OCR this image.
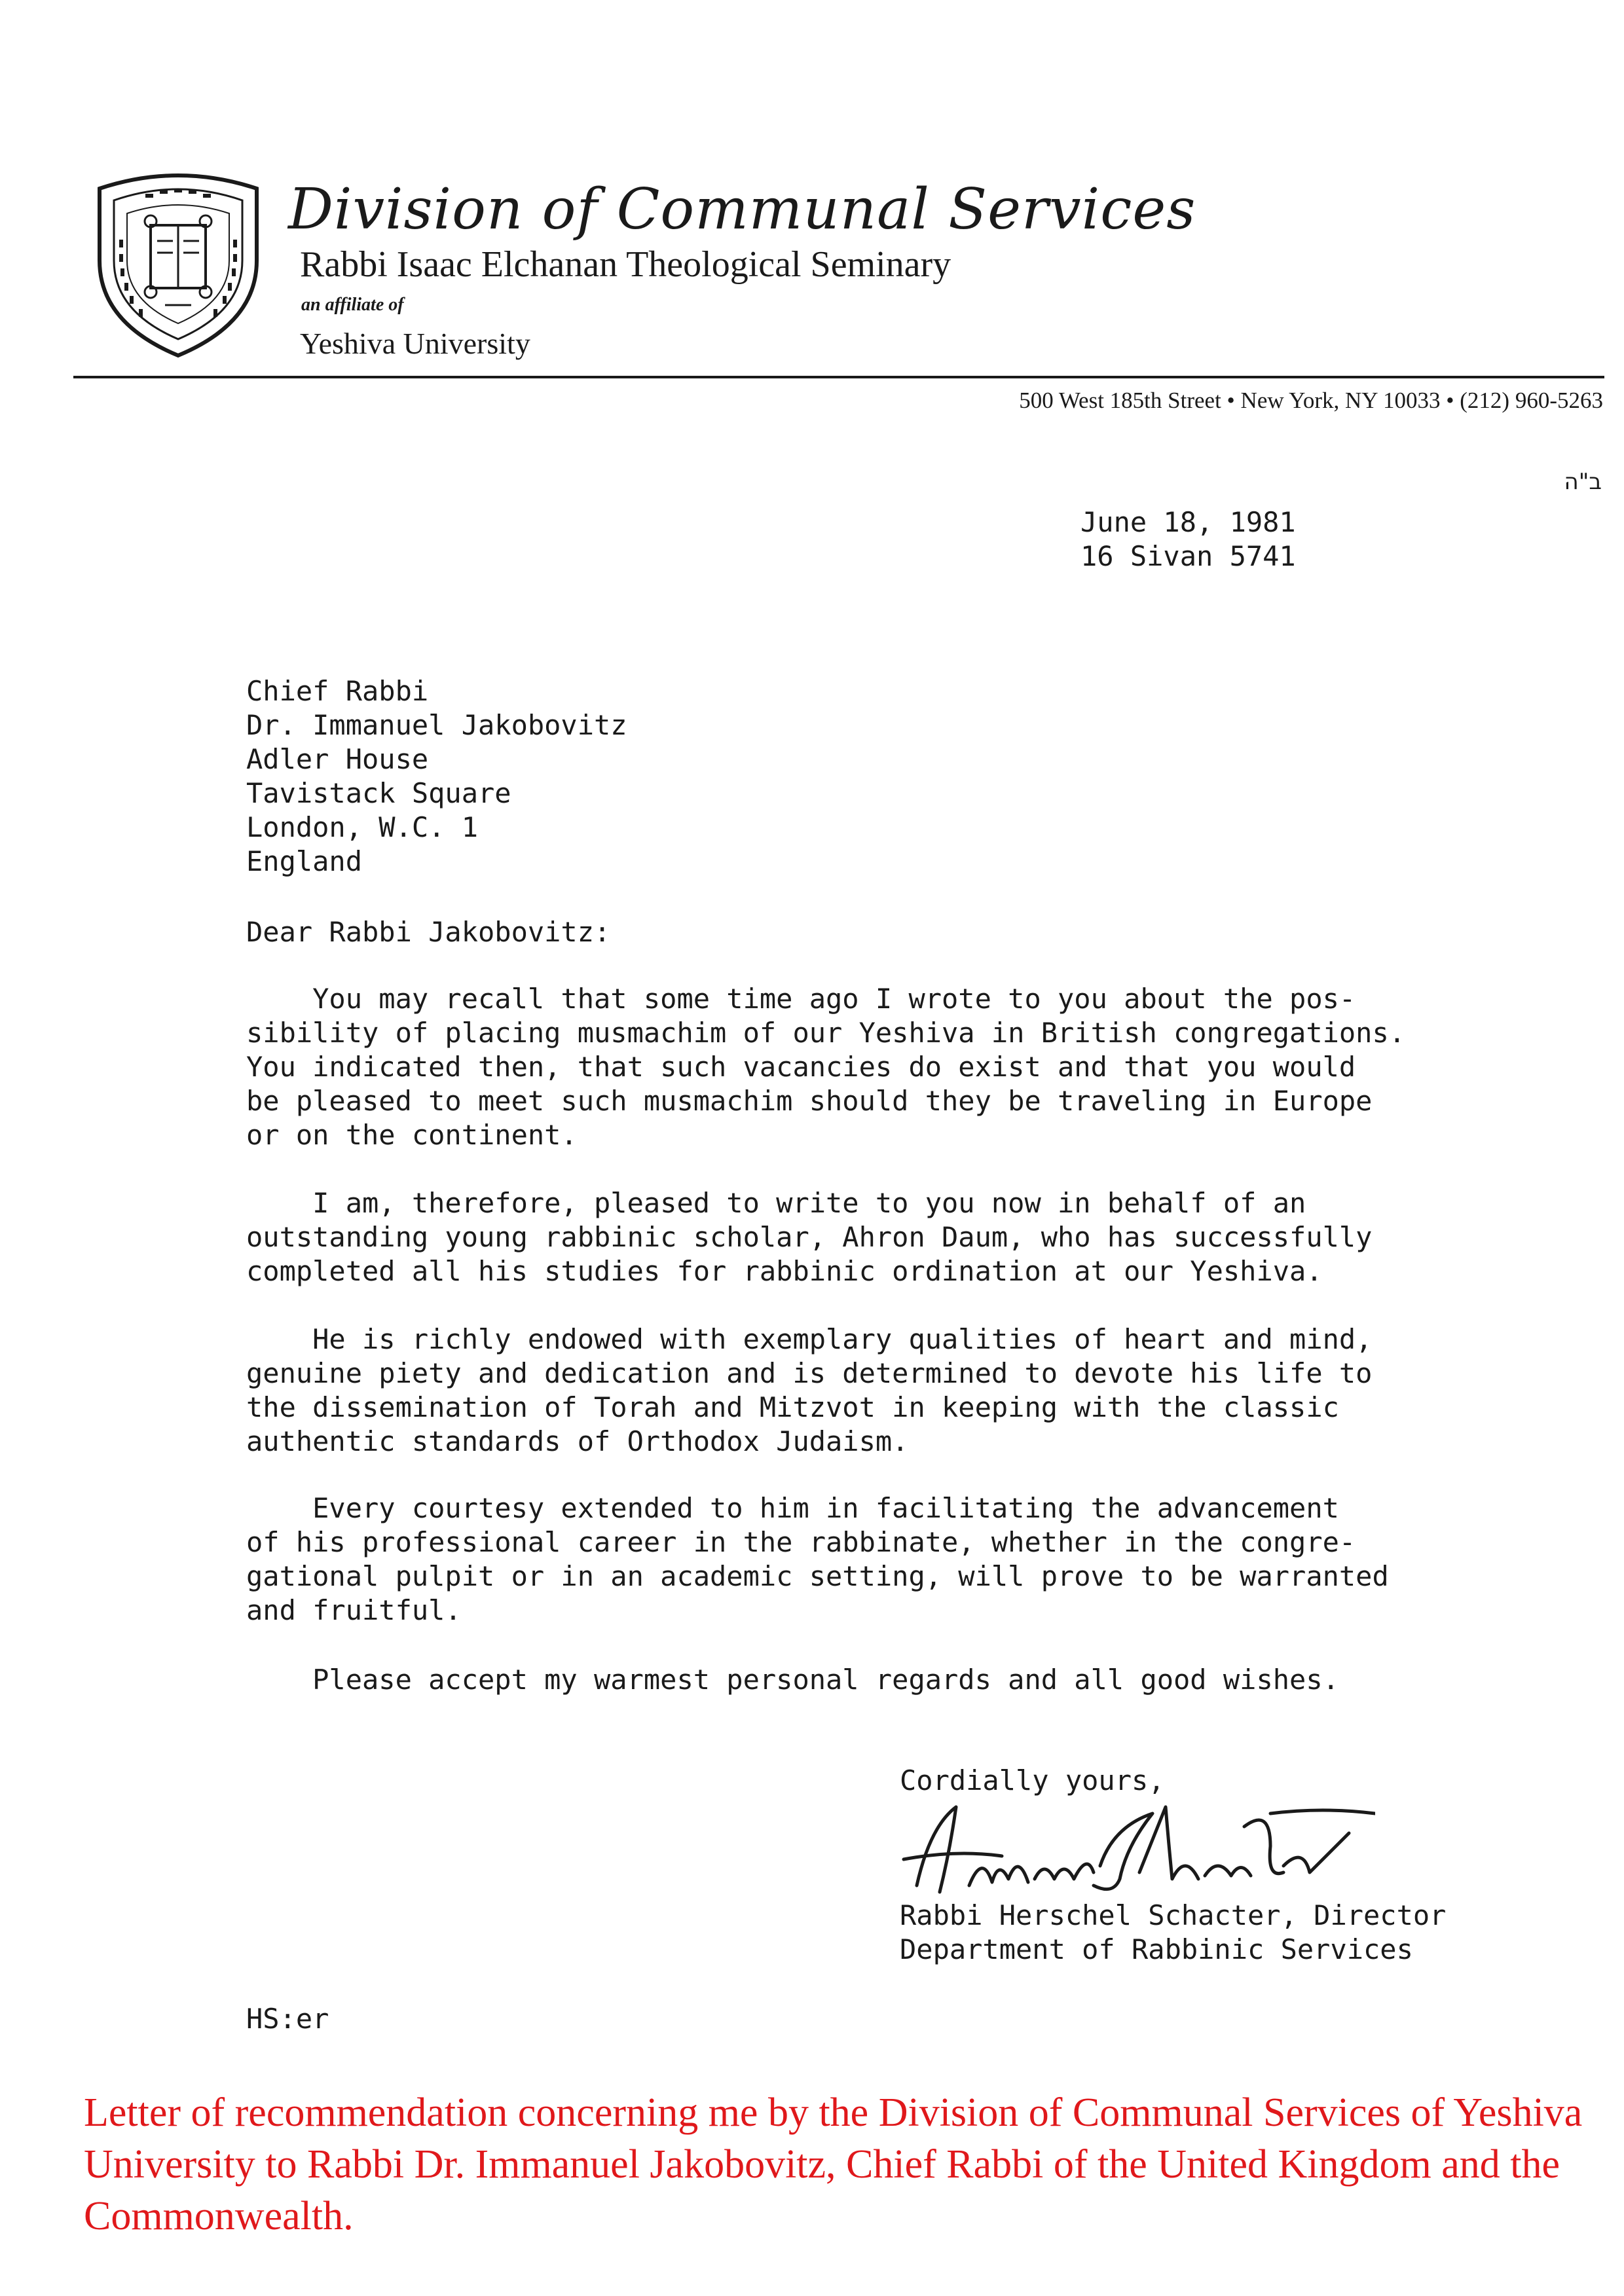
Division of Communal Services
Rabbi Isaac Elchanan Theological Seminary
an affiliate of
Yeshiva University
500 West 185th Street • New York, NY 10033 • (212) 960-5263
ב"ה
June 18, 1981
16 Sivan 5741
Chief Rabbi
Dr. Immanuel Jakobovitz
Adler House
Tavistack Square
London, W.C. 1
England
Dear Rabbi Jakobovitz:
You may recall that some time ago I wrote to you about the pos-
sibility of placing musmachim of our Yeshiva in British congregations.
You indicated then, that such vacancies do exist and that you would
be pleased to meet such musmachim should they be traveling in Europe
or on the continent.
I am, therefore, pleased to write to you now in behalf of an
outstanding young rabbinic scholar, Ahron Daum, who has successfully
completed all his studies for rabbinic ordination at our Yeshiva.
He is richly endowed with exemplary qualities of heart and mind,
genuine piety and dedication and is determined to devote his life to
the dissemination of Torah and Mitzvot in keeping with the classic
authentic standards of Orthodox Judaism.
Every courtesy extended to him in facilitating the advancement
of his professional career in the rabbinate, whether in the congre-
gational pulpit or in an academic setting, will prove to be warranted
and fruitful.
Please accept my warmest personal regards and all good wishes.
Cordially yours,
Rabbi Herschel Schacter, Director
Department of Rabbinic Services
HS:er
Letter of recommendation concerning me by the Division of Communal Services of Yeshiva University to Rabbi Dr. Immanuel Jakobovitz, Chief Rabbi of the United Kingdom and the Commonwealth.
